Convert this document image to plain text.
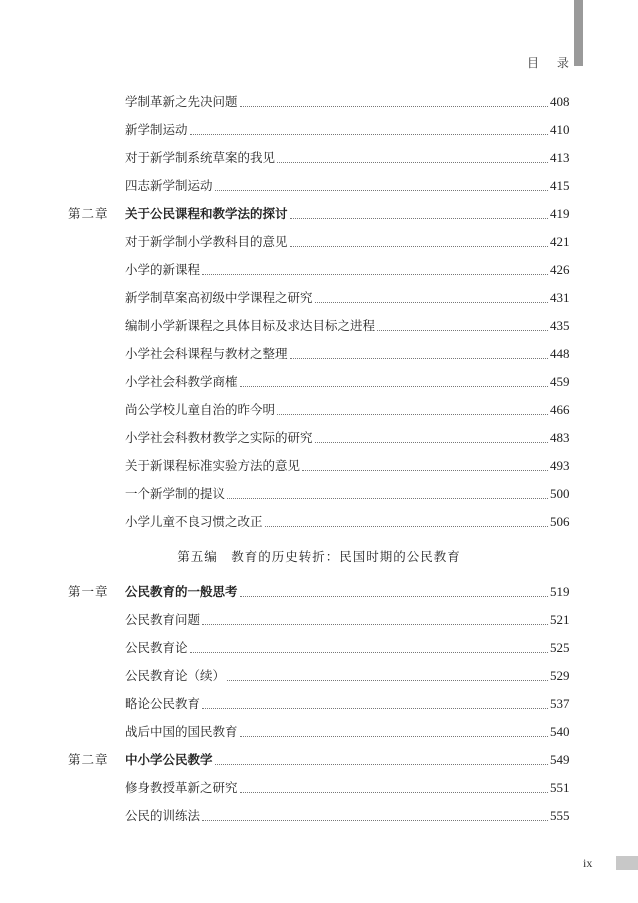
目 录
学制革新之先决问题	408
新学制运动	410
对于新学制系统草案的我见	413
四志新学制运动	415
第二章 关于公民课程和教学法的探讨	419
对于新学制小学教科目的意见	421
小学的新课程	426
新学制草案高初级中学课程之研究	431
编制小学新课程之具体目标及求达目标之进程	435
小学社会科课程与教材之整理	448
小学社会科教学商榷	459
尚公学校儿童自治的昨今明	466
小学社会科教材教学之实际的研究	483
关于新课程标准实验方法的意见	493
一个新学制的提议	500
小学儿童不良习惯之改正	506
第一章 公民教育的一般思考	519
公民教育问题	521
公民教育论	525
公民教育论（续）	529
略论公民教育	537
战后中国的国民教育	540
第二章 中小学公民教学	549
修身教授革新之研究	551
公民的训练法	555
第五编　教育的历史转折：民国时期的公民教育
ix
